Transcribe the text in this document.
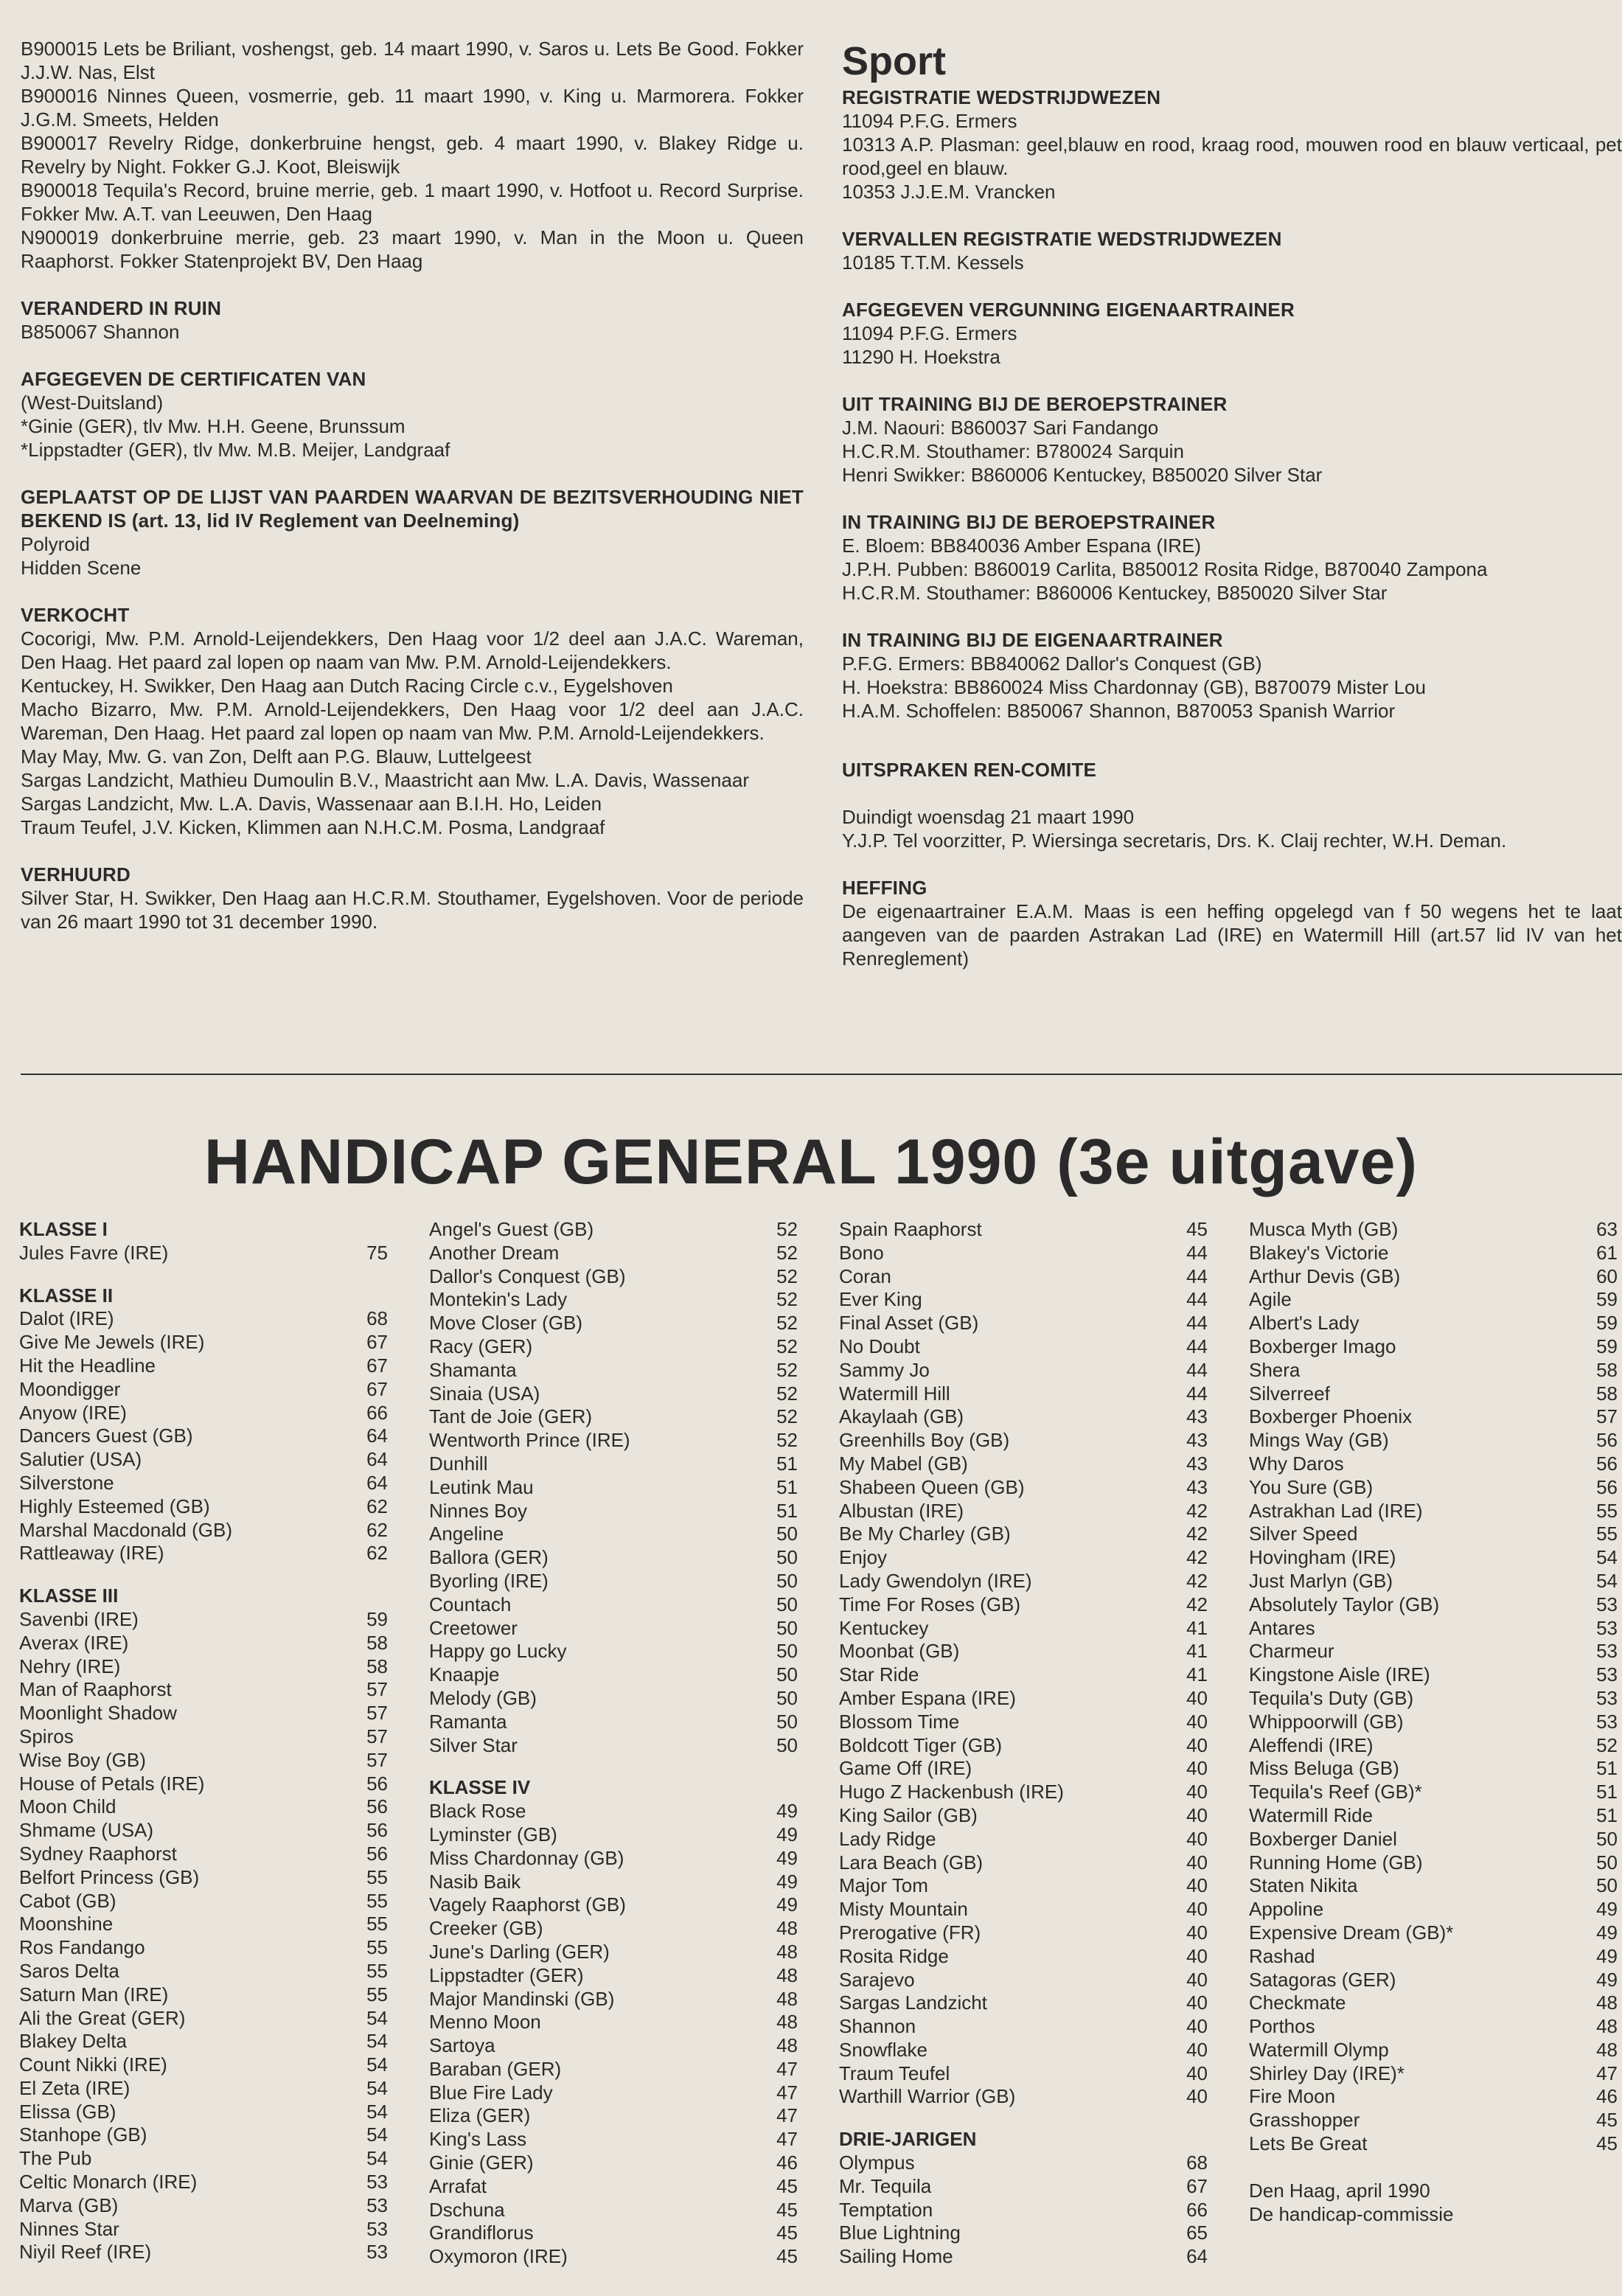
B900015 Lets be Briliant, voshengst, geb. 14 maart 1990, v. Saros u. Lets Be Good. Fokker J.J.W. Nas, Elst

B900016 Ninnes Queen, vosmerrie, geb. 11 maart 1990, v. King u. Marmorera. Fokker J.G.M. Smeets, Helden

B900017 Revelry Ridge, donkerbruine hengst, geb. 4 maart 1990, v. Blakey Ridge u. Revelry by Night. Fokker G.J. Koot, Bleiswijk

B900018 Tequila's Record, bruine merrie, geb. 1 maart 1990, v. Hotfoot u. Record Surprise. Fokker Mw. A.T. van Leeuwen, Den Haag

N900019 donkerbruine merrie, geb. 23 maart 1990, v. Man in the Moon u. Queen Raaphorst. Fokker Statenprojekt BV, Den Haag

VERANDERD IN RUIN

B850067 Shannon

AFGEGEVEN DE CERTIFICATEN VAN

(West-Duitsland)

*Ginie (GER), tlv Mw. H.H. Geene, Brunssum

*Lippstadter (GER), tlv Mw. M.B. Meijer, Landgraaf

GEPLAATST OP DE LIJST VAN PAARDEN WAARVAN DE BEZITSVERHOUDING NIET BEKEND IS (art. 13, lid IV Reglement van Deelneming)

Polyroid

Hidden Scene

VERKOCHT

Cocorigi, Mw. P.M. Arnold-Leijendekkers, Den Haag voor 1/2 deel aan J.A.C. Wareman, Den Haag. Het paard zal lopen op naam van Mw. P.M. Arnold-Leijendekkers.

Kentuckey, H. Swikker, Den Haag aan Dutch Racing Circle c.v., Eygelshoven

Macho Bizarro, Mw. P.M. Arnold-Leijendekkers, Den Haag voor 1/2 deel aan J.A.C. Wareman, Den Haag. Het paard zal lopen op naam van Mw. P.M. Arnold-Leijendekkers.

May May, Mw. G. van Zon, Delft aan P.G. Blauw, Luttelgeest

Sargas Landzicht, Mathieu Dumoulin B.V., Maastricht aan Mw. L.A. Davis, Wassenaar

Sargas Landzicht, Mw. L.A. Davis, Wassenaar aan B.I.H. Ho, Leiden

Traum Teufel, J.V. Kicken, Klimmen aan N.H.C.M. Posma, Landgraaf

VERHUURD

Silver Star, H. Swikker, Den Haag aan H.C.R.M. Stouthamer, Eygelshoven. Voor de periode van 26 maart 1990 tot 31 december 1990.

Sport

REGISTRATIE WEDSTRIJDWEZEN

11094 P.F.G. Ermers

10313 A.P. Plasman: geel,blauw en rood, kraag rood, mouwen rood en blauw verticaal, pet rood,geel en blauw.

10353 J.J.E.M. Vrancken

VERVALLEN REGISTRATIE WEDSTRIJDWEZEN

10185 T.T.M. Kessels

AFGEGEVEN VERGUNNING EIGENAARTRAINER

11094 P.F.G. Ermers

11290 H. Hoekstra

UIT TRAINING BIJ DE BEROEPSTRAINER

J.M. Naouri: B860037 Sari Fandango

H.C.R.M. Stouthamer: B780024 Sarquin

Henri Swikker: B860006 Kentuckey, B850020 Silver Star

IN TRAINING BIJ DE BEROEPSTRAINER

E. Bloem: BB840036 Amber Espana (IRE)

J.P.H. Pubben: B860019 Carlita, B850012 Rosita Ridge, B870040 Zampona

H.C.R.M. Stouthamer: B860006 Kentuckey, B850020 Silver Star

IN TRAINING BIJ DE EIGENAARTRAINER

P.F.G. Ermers: BB840062 Dallor's Conquest (GB)

H. Hoekstra: BB860024 Miss Chardonnay (GB), B870079 Mister Lou

H.A.M. Schoffelen: B850067 Shannon, B870053 Spanish Warrior

UITSPRAKEN REN-COMITE

Duindigt woensdag 21 maart 1990

Y.J.P. Tel voorzitter, P. Wiersinga secretaris, Drs. K. Claij rechter, W.H. Deman.

HEFFING

De eigenaartrainer E.A.M. Maas is een heffing opgelegd van f 50 wegens het te laat aangeven van de paarden Astrakan Lad (IRE) en Watermill Hill (art.57 lid IV van het Renreglement)

HANDICAP GENERAL 1990 (3e uitgave)
KLASSE I
Jules Favre (IRE)	75
KLASSE II
Dalot (IRE)	68
Give Me Jewels (IRE)	67
Hit the Headline	67
Moondigger	67
Anyow (IRE)	66
Dancers Guest (GB)	64
Salutier (USA)	64
Silverstone	64
Highly Esteemed (GB)	62
Marshal Macdonald (GB)	62
Rattleaway (IRE)	62
KLASSE III
Savenbi (IRE)	59
Averax (IRE)	58
Nehry (IRE)	58
Man of Raaphorst	57
Moonlight Shadow	57
Spiros	57
Wise Boy (GB)	57
House of Petals (IRE)	56
Moon Child	56
Shmame (USA)	56
Sydney Raaphorst	56
Belfort Princess (GB)	55
Cabot (GB)	55
Moonshine	55
Ros Fandango	55
Saros Delta	55
Saturn Man (IRE)	55
Ali the Great (GER)	54
Blakey Delta	54
Count Nikki (IRE)	54
El Zeta (IRE)	54
Elissa (GB)	54
Stanhope (GB)	54
The Pub	54
Celtic Monarch (IRE)	53
Marva (GB)	53
Ninnes Star	53
Niyil Reef (IRE)	53
Angel's Guest (GB)	52
Another Dream	52
Dallor's Conquest (GB)	52
Montekin's Lady	52
Move Closer (GB)	52
Racy (GER)	52
Shamanta	52
Sinaia (USA)	52
Tant de Joie (GER)	52
Wentworth Prince (IRE)	52
Dunhill	51
Leutink Mau	51
Ninnes Boy	51
Angeline	50
Ballora (GER)	50
Byorling (IRE)	50
Countach	50
Creetower	50
Happy go Lucky	50
Knaapje	50
Melody (GB)	50
Ramanta	50
Silver Star	50
KLASSE IV
Black Rose	49
Lyminster (GB)	49
Miss Chardonnay (GB)	49
Nasib Baik	49
Vagely Raaphorst (GB)	49
Creeker (GB)	48
June's Darling (GER)	48
Lippstadter (GER)	48
Major Mandinski (GB)	48
Menno Moon	48
Sartoya	48
Baraban (GER)	47
Blue Fire Lady	47
Eliza (GER)	47
King's Lass	47
Ginie (GER)	46
Arrafat	45
Dschuna	45
Grandiflorus	45
Oxymoron (IRE)	45
Spain Raaphorst	45
Bono	44
Coran	44
Ever King	44
Final Asset (GB)	44
No Doubt	44
Sammy Jo	44
Watermill Hill	44
Akaylaah (GB)	43
Greenhills Boy (GB)	43
My Mabel (GB)	43
Shabeen Queen (GB)	43
Albustan (IRE)	42
Be My Charley (GB)	42
Enjoy	42
Lady Gwendolyn (IRE)	42
Time For Roses (GB)	42
Kentuckey	41
Moonbat (GB)	41
Star Ride	41
Amber Espana (IRE)	40
Blossom Time	40
Boldcott Tiger (GB)	40
Game Off (IRE)	40
Hugo Z Hackenbush (IRE)	40
King Sailor (GB)	40
Lady Ridge	40
Lara Beach (GB)	40
Major Tom	40
Misty Mountain	40
Prerogative (FR)	40
Rosita Ridge	40
Sarajevo	40
Sargas Landzicht	40
Shannon	40
Snowflake	40
Traum Teufel	40
Warthill Warrior (GB)	40
DRIE-JARIGEN
Olympus	68
Mr. Tequila	67
Temptation	66
Blue Lightning	65
Sailing Home	64
Musca Myth (GB)	63
Blakey's Victorie	61
Arthur Devis (GB)	60
Agile	59
Albert's Lady	59
Boxberger Imago	59
Shera	58
Silverreef	58
Boxberger Phoenix	57
Mings Way (GB)	56
Why Daros	56
You Sure (GB)	56
Astrakhan Lad (IRE)	55
Silver Speed	55
Hovingham (IRE)	54
Just Marlyn (GB)	54
Absolutely Taylor (GB)	53
Antares	53
Charmeur	53
Kingstone Aisle (IRE)	53
Tequila's Duty (GB)	53
Whippoorwill (GB)	53
Aleffendi (IRE)	52
Miss Beluga (GB)	51
Tequila's Reef (GB)*	51
Watermill Ride	51
Boxberger Daniel	50
Running Home (GB)	50
Staten Nikita	50
Appoline	49
Expensive Dream (GB)*	49
Rashad	49
Satagoras (GER)	49
Checkmate	48
Porthos	48
Watermill Olymp	48
Shirley Day (IRE)*	47
Fire Moon	46
Grasshopper	45
Lets Be Great	45

Den Haag, april 1990

De handicap-commissie
